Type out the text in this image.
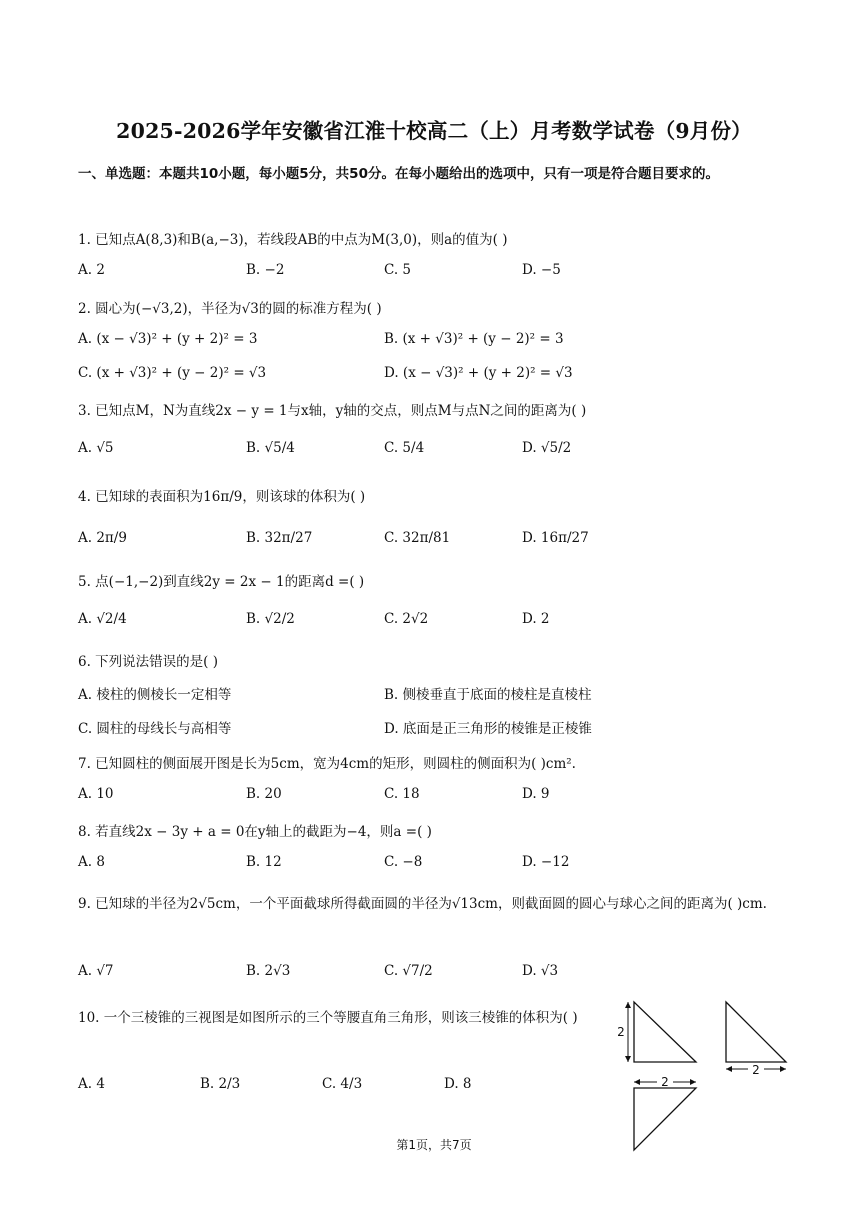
2025-2026学年安徽省江淮十校高二（上）月考数学试卷（9月份）
一、单选题：本题共10小题，每小题5分，共50分。在每小题给出的选项中，只有一项是符合题目要求的。
1. 已知点A(8,3)和B(a,−3)，若线段AB的中点为M(3,0)，则a的值为( )
A. 2	B. −2	C. 5	D. −5
2. 圆心为(−√3,2)，半径为√3的圆的标准方程为( )
A. (x − √3)² + (y + 2)² = 3	B. (x + √3)² + (y − 2)² = 3
C. (x + √3)² + (y − 2)² = √3	D. (x − √3)² + (y + 2)² = √3
3. 已知点M，N为直线2x − y = 1与x轴，y轴的交点，则点M与点N之间的距离为( )
A. √5	B. √5/4	C. 5/4	D. √5/2
4. 已知球的表面积为16π/9，则该球的体积为( )
A. 2π/9	B. 32π/27	C. 32π/81	D. 16π/27
5. 点(−1,−2)到直线2y = 2x − 1的距离d =( )
A. √2/4	B. √2/2	C. 2√2	D. 2
6. 下列说法错误的是( )
A. 棱柱的侧棱长一定相等	B. 侧棱垂直于底面的棱柱是直棱柱
C. 圆柱的母线长与高相等	D. 底面是正三角形的棱锥是正棱锥
7. 已知圆柱的侧面展开图是长为5cm，宽为4cm的矩形，则圆柱的侧面积为( )cm².
A. 10	B. 20	C. 18	D. 9
8. 若直线2x − 3y + a = 0在y轴上的截距为−4，则a =( )
A. 8	B. 12	C. −8	D. −12
9. 已知球的半径为2√5cm，一个平面截球所得截面圆的半径为√13cm，则截面圆的圆心与球心之间的距离为( )cm.
A. √7	B. 2√3	C. √7/2	D. √3
10. 一个三棱锥的三视图是如图所示的三个等腰直角三角形，则该三棱锥的体积为( )
A. 4	B. 2/3	C. 4/3	D. 8
2
2
2
第1页，共7页
